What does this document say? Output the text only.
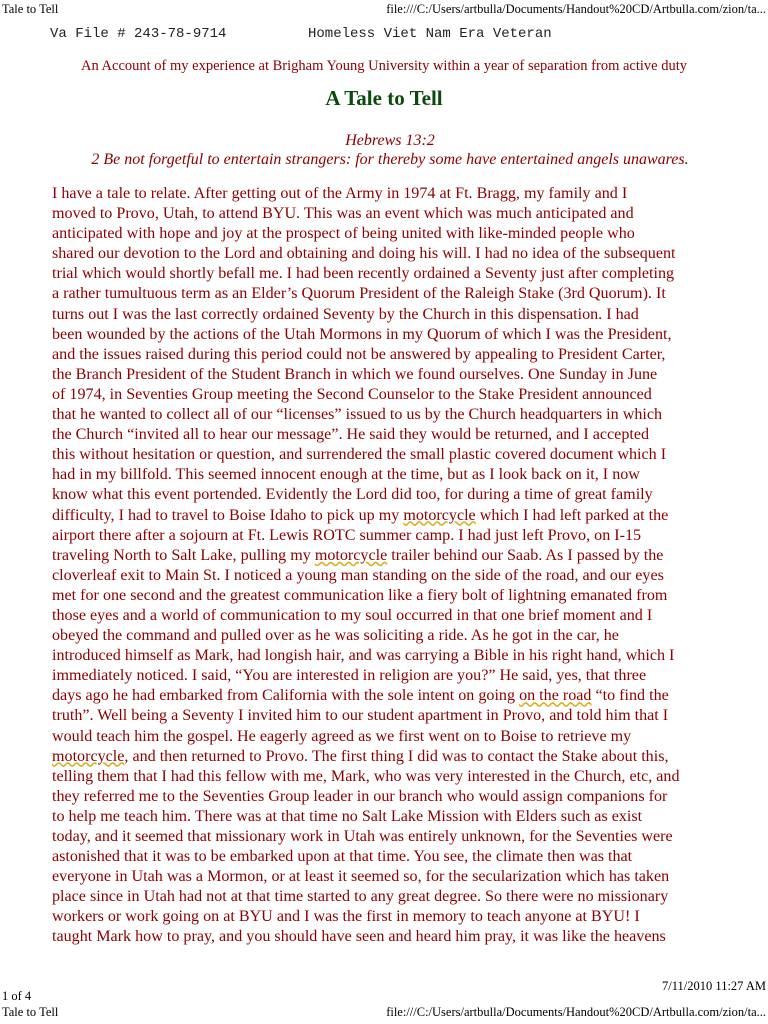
Tale to Tell	file:///C:/Users/artbulla/Documents/Handout%20CD/Artbulla.com/zion/ta...
Va File # 243-78-9714	Homeless Viet Nam Era Veteran
An Account of my experience at Brigham Young University within a year of separation from active duty
A Tale to Tell
Hebrews 13:2
2 Be not forgetful to entertain strangers: for thereby some have entertained angels unawares.
I have a tale to relate. After getting out of the Army in 1974 at Ft. Bragg, my family and I
moved to Provo, Utah, to attend BYU. This was an event which was much anticipated and
anticipated with hope and joy at the prospect of being united with like-minded people who
shared our devotion to the Lord and obtaining and doing his will. I had no idea of the subsequent
trial which would shortly befall me. I had been recently ordained a Seventy just after completing
a rather tumultuous term as an Elder’s Quorum President of the Raleigh Stake (3rd Quorum). It
turns out I was the last correctly ordained Seventy by the Church in this dispensation. I had
been wounded by the actions of the Utah Mormons in my Quorum of which I was the President,
and the issues raised during this period could not be answered by appealing to President Carter,
the Branch President of the Student Branch in which we found ourselves. One Sunday in June
of 1974, in Seventies Group meeting the Second Counselor to the Stake President announced
that he wanted to collect all of our “licenses” issued to us by the Church headquarters in which
the Church “invited all to hear our message”. He said they would be returned, and I accepted
this without hesitation or question, and surrendered the small plastic covered document which I
had in my billfold. This seemed innocent enough at the time, but as I look back on it, I now
know what this event portended. Evidently the Lord did too, for during a time of great family
difficulty, I had to travel to Boise Idaho to pick up my motorcycle which I had left parked at the
airport there after a sojourn at Ft. Lewis ROTC summer camp. I had just left Provo, on I-15
traveling North to Salt Lake, pulling my motorcycle trailer behind our Saab. As I passed by the
cloverleaf exit to Main St. I noticed a young man standing on the side of the road, and our eyes
met for one second and the greatest communication like a fiery bolt of lightning emanated from
those eyes and a world of communication to my soul occurred in that one brief moment and I
obeyed the command and pulled over as he was soliciting a ride. As he got in the car, he
introduced himself as Mark, had longish hair, and was carrying a Bible in his right hand, which I
immediately noticed. I said, “You are interested in religion are you?” He said, yes, that three
days ago he had embarked from California with the sole intent on going on the road “to find the
truth”. Well being a Seventy I invited him to our student apartment in Provo, and told him that I
would teach him the gospel. He eagerly agreed as we first went on to Boise to retrieve my
motorcycle, and then returned to Provo. The first thing I did was to contact the Stake about this,
telling them that I had this fellow with me, Mark, who was very interested in the Church, etc, and
they referred me to the Seventies Group leader in our branch who would assign companions for
to help me teach him. There was at that time no Salt Lake Mission with Elders such as exist
today, and it seemed that missionary work in Utah was entirely unknown, for the Seventies were
astonished that it was to be embarked upon at that time. You see, the climate then was that
everyone in Utah was a Mormon, or at least it seemed so, for the secularization which has taken
place since in Utah had not at that time started to any great degree. So there were no missionary
workers or work going on at BYU and I was the first in memory to teach anyone at BYU! I
taught Mark how to pray, and you should have seen and heard him pray, it was like the heavens
1 of 4
7/11/2010 11:27 AM
Tale to Tell	file:///C:/Users/artbulla/Documents/Handout%20CD/Artbulla.com/zion/ta...
